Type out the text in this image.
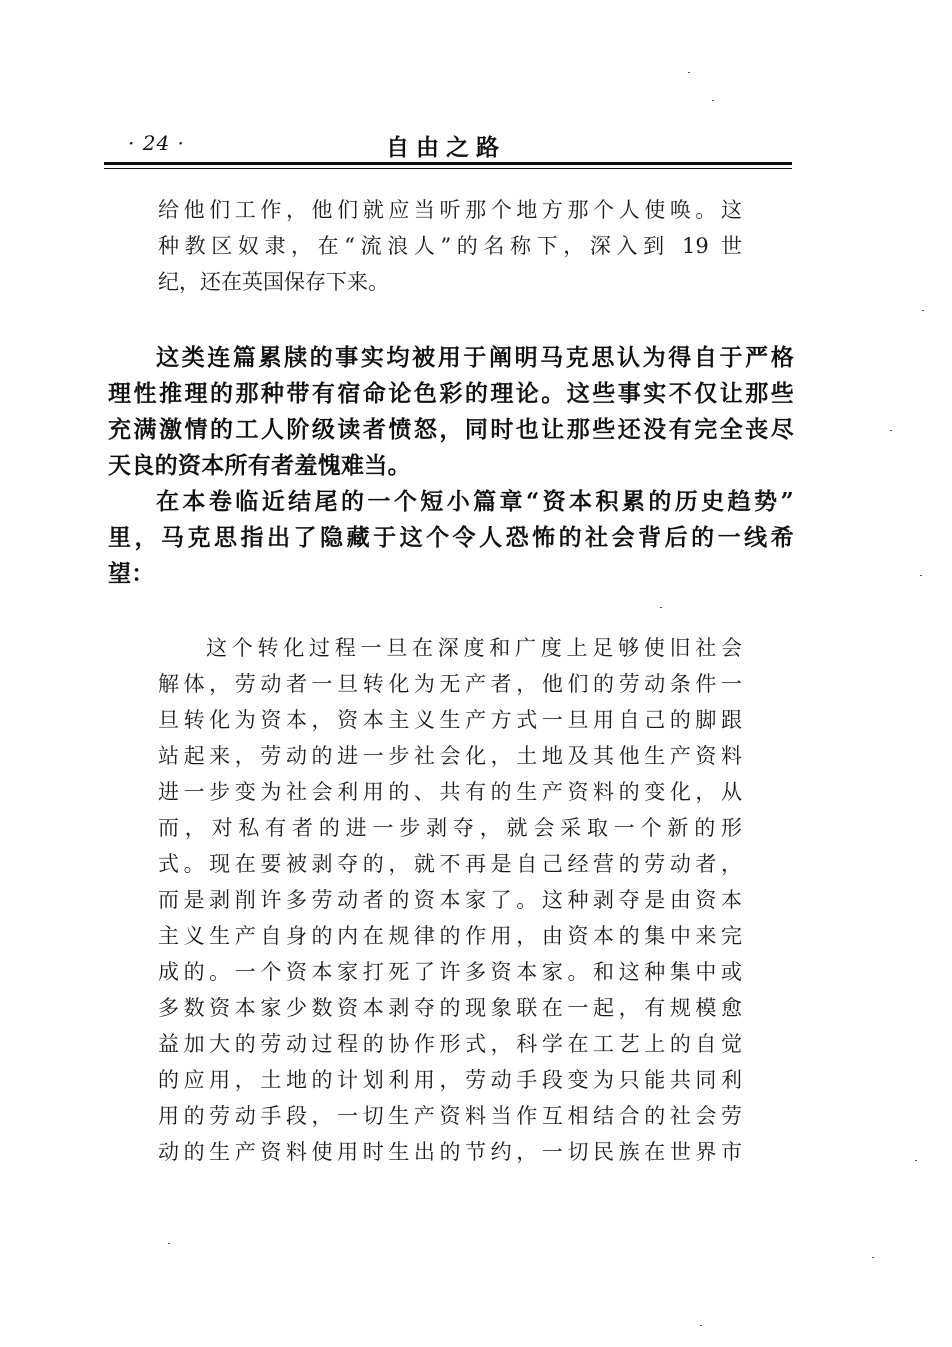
· 24 ·	自由之路
给他们工作，他们就应当听那个地方那个人使唤。这
种教区奴隶，在“流浪人”的名称下，深入到 19 世
纪，还在英国保存下来。
这类连篇累牍的事实均被用于阐明马克思认为得自于严格
理性推理的那种带有宿命论色彩的理论。这些事实不仅让那些
充满激情的工人阶级读者愤怒，同时也让那些还没有完全丧尽
天良的资本所有者羞愧难当。
在本卷临近结尾的一个短小篇章“资本积累的历史趋势”
里，马克思指出了隐藏于这个令人恐怖的社会背后的一线希
望：
这个转化过程一旦在深度和广度上足够使旧社会
解体，劳动者一旦转化为无产者，他们的劳动条件一
旦转化为资本，资本主义生产方式一旦用自己的脚跟
站起来，劳动的进一步社会化，土地及其他生产资料
进一步变为社会利用的、共有的生产资料的变化，从
而，对私有者的进一步剥夺，就会采取一个新的形
式。现在要被剥夺的，就不再是自己经营的劳动者，
而是剥削许多劳动者的资本家了。这种剥夺是由资本
主义生产自身的内在规律的作用，由资本的集中来完
成的。一个资本家打死了许多资本家。和这种集中或
多数资本家少数资本剥夺的现象联在一起，有规模愈
益加大的劳动过程的协作形式，科学在工艺上的自觉
的应用，土地的计划利用，劳动手段变为只能共同利
用的劳动手段，一切生产资料当作互相结合的社会劳
动的生产资料使用时生出的节约，一切民族在世界市
